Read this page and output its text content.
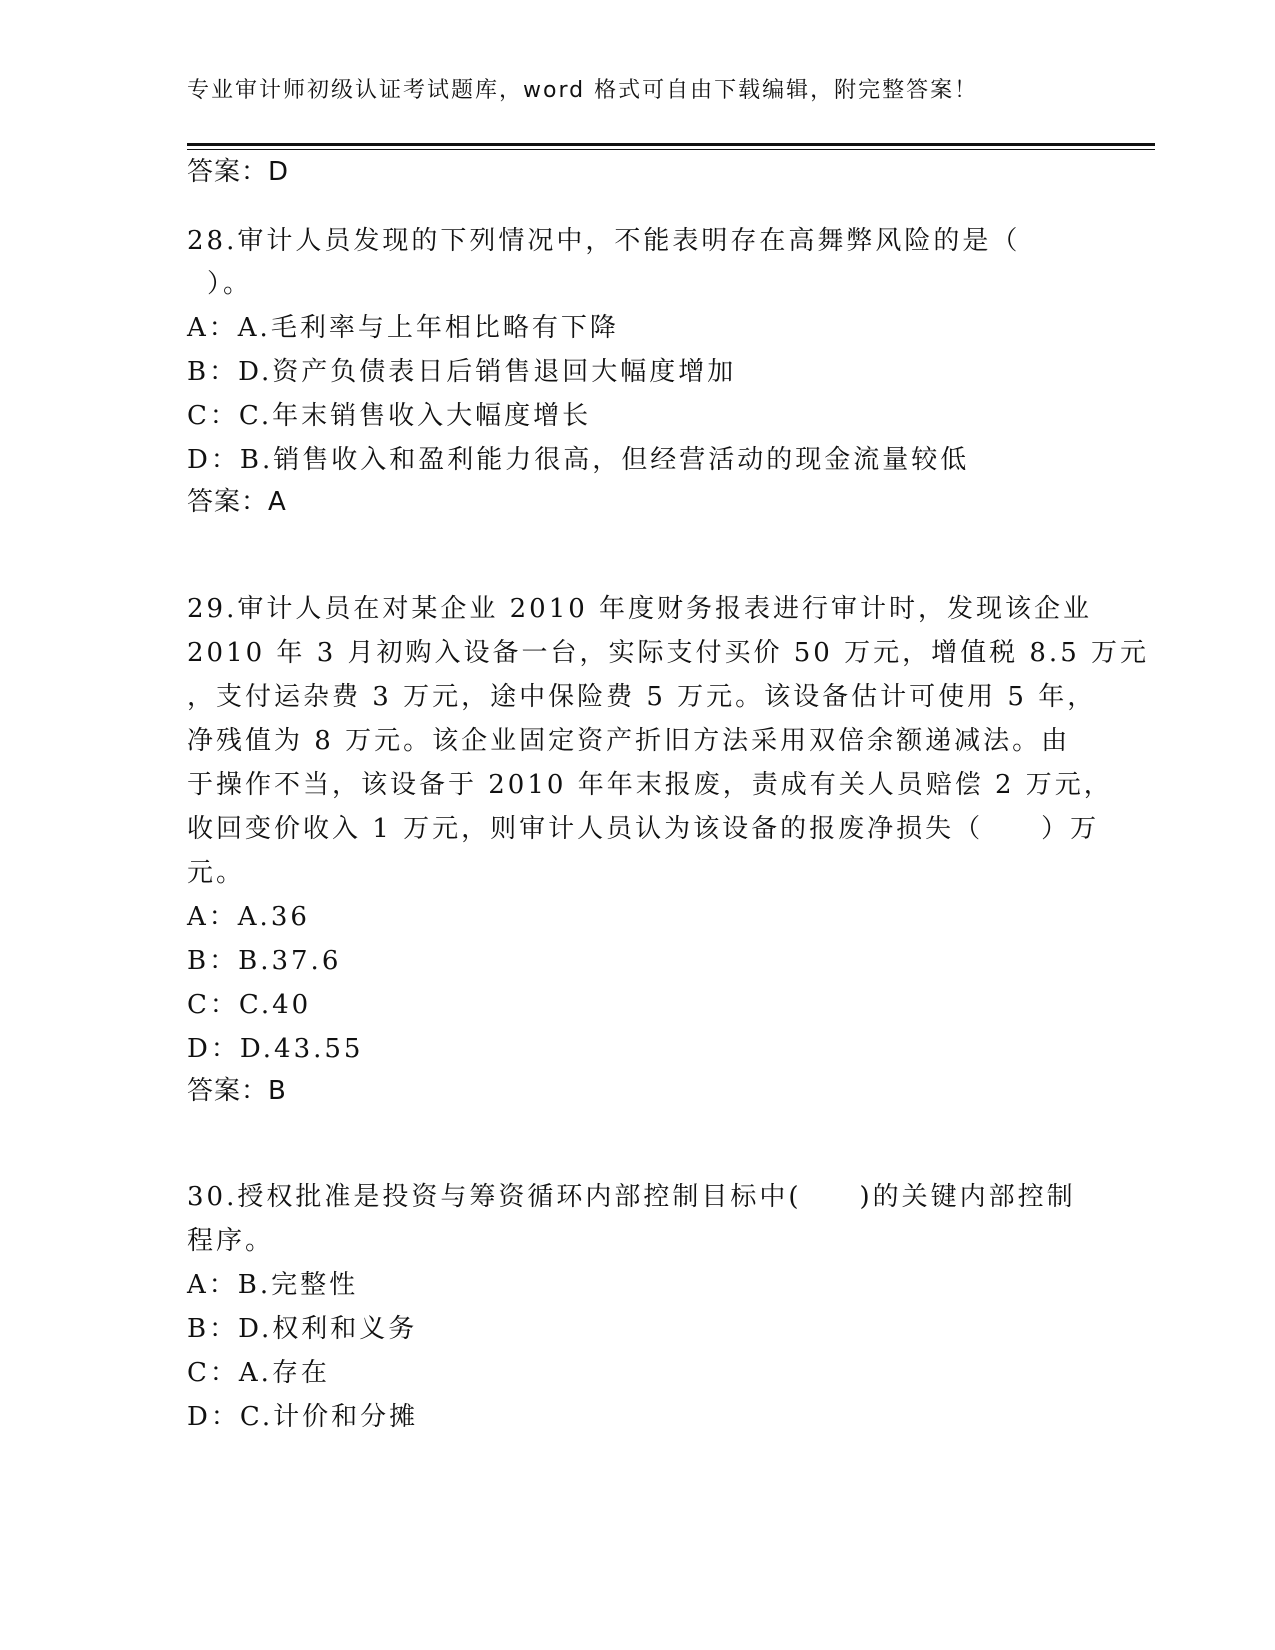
专业审计师初级认证考试题库，word 格式可自由下载编辑，附完整答案！
答案：D
28.审计人员发现的下列情况中，不能表明存在高舞弊风险的是（
）。
A：A.毛利率与上年相比略有下降
B：D.资产负债表日后销售退回大幅度增加
C：C.年末销售收入大幅度增长
D：B.销售收入和盈利能力很高，但经营活动的现金流量较低
答案：A
29.审计人员在对某企业 2010 年度财务报表进行审计时，发现该企业
2010 年 3 月初购入设备一台，实际支付买价 50 万元，增值税 8.5 万元
，支付运杂费 3 万元，途中保险费 5 万元。该设备估计可使用 5 年，
净残值为 8 万元。该企业固定资产折旧方法采用双倍余额递减法。由
于操作不当，该设备于 2010 年年末报废，责成有关人员赔偿 2 万元，
收回变价收入 1 万元，则审计人员认为该设备的报废净损失（　　）万
元。
A：A.36
B：B.37.6
C：C.40
D：D.43.55
答案：B
30.授权批准是投资与筹资循环内部控制目标中(　　)的关键内部控制
程序。
A：B.完整性
B：D.权利和义务
C：A.存在
D：C.计价和分摊
